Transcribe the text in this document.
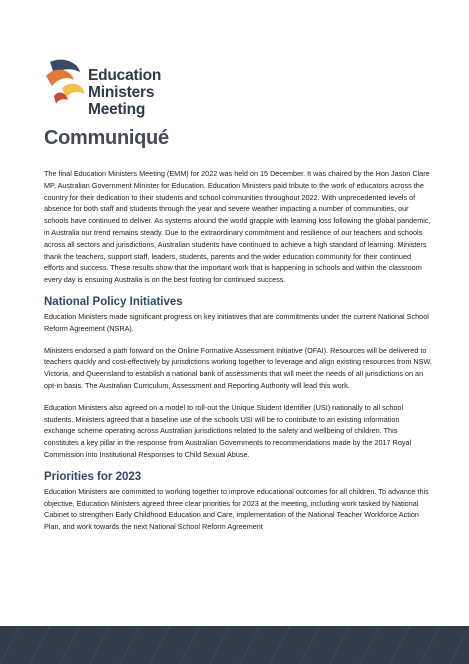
Education Ministers
Meeting
Communiqué

The final Education Ministers Meeting (EMM) for 2022 was held on 15 December. It was chaired by the Hon Jason Clare MP, Australian Government Minister for Education. Education Ministers paid tribute to the work of educators across the country for their dedication to their students and school communities throughout 2022. With unprecedented levels of absence for both staff and students through the year and severe weather impacting a number of communities, our schools have continued to deliver. As systems around the world grapple with learning loss following the global pandemic, in Australia our trend remains steady. Due to the extraordinary commitment and resilience of our teachers and schools across all sectors and jurisdictions, Australian students have continued to achieve a high standard of learning. Ministers thank the teachers, support staff, leaders, students, parents and the wider education community for their continued efforts and success. These results show that the important work that is happening in schools and within the classroom every day is ensuring Australia is on the best footing for continued success.

National Policy Initiatives

Education Ministers made significant progress on key initiatives that are commitments under the current National School Reform Agreement (NSRA).

Ministers endorsed a path forward on the Online Formative Assessment Initiative (OFAI). Resources will be delivered to teachers quickly and cost-effectively by jurisdictions working together to leverage and align existing resources from NSW, Victoria, and Queensland to establish a national bank of assessments that will meet the needs of all jurisdictions on an opt-in basis. The Australian Curriculum, Assessment and Reporting Authority will lead this work.

Education Ministers also agreed on a model to roll-out the Unique Student Identifier (USI) nationally to all school students. Ministers agreed that a baseline use of the schools USI will be to contribute to an existing information exchange scheme operating across Australian jurisdictions related to the safety and wellbeing of children. This constitutes a key pillar in the response from Australian Governments to recommendations made by the 2017 Royal Commission into Institutional Responses to Child Sexual Abuse.

Priorities for 2023

Education Ministers are committed to working together to improve educational outcomes for all children. To advance this objective, Education Ministers agreed three clear priorities for 2023 at the meeting, including work tasked by National Cabinet to strengthen Early Childhood Education and Care, implementation of the National Teacher Workforce Action Plan, and work towards the next National School Reform Agreement
